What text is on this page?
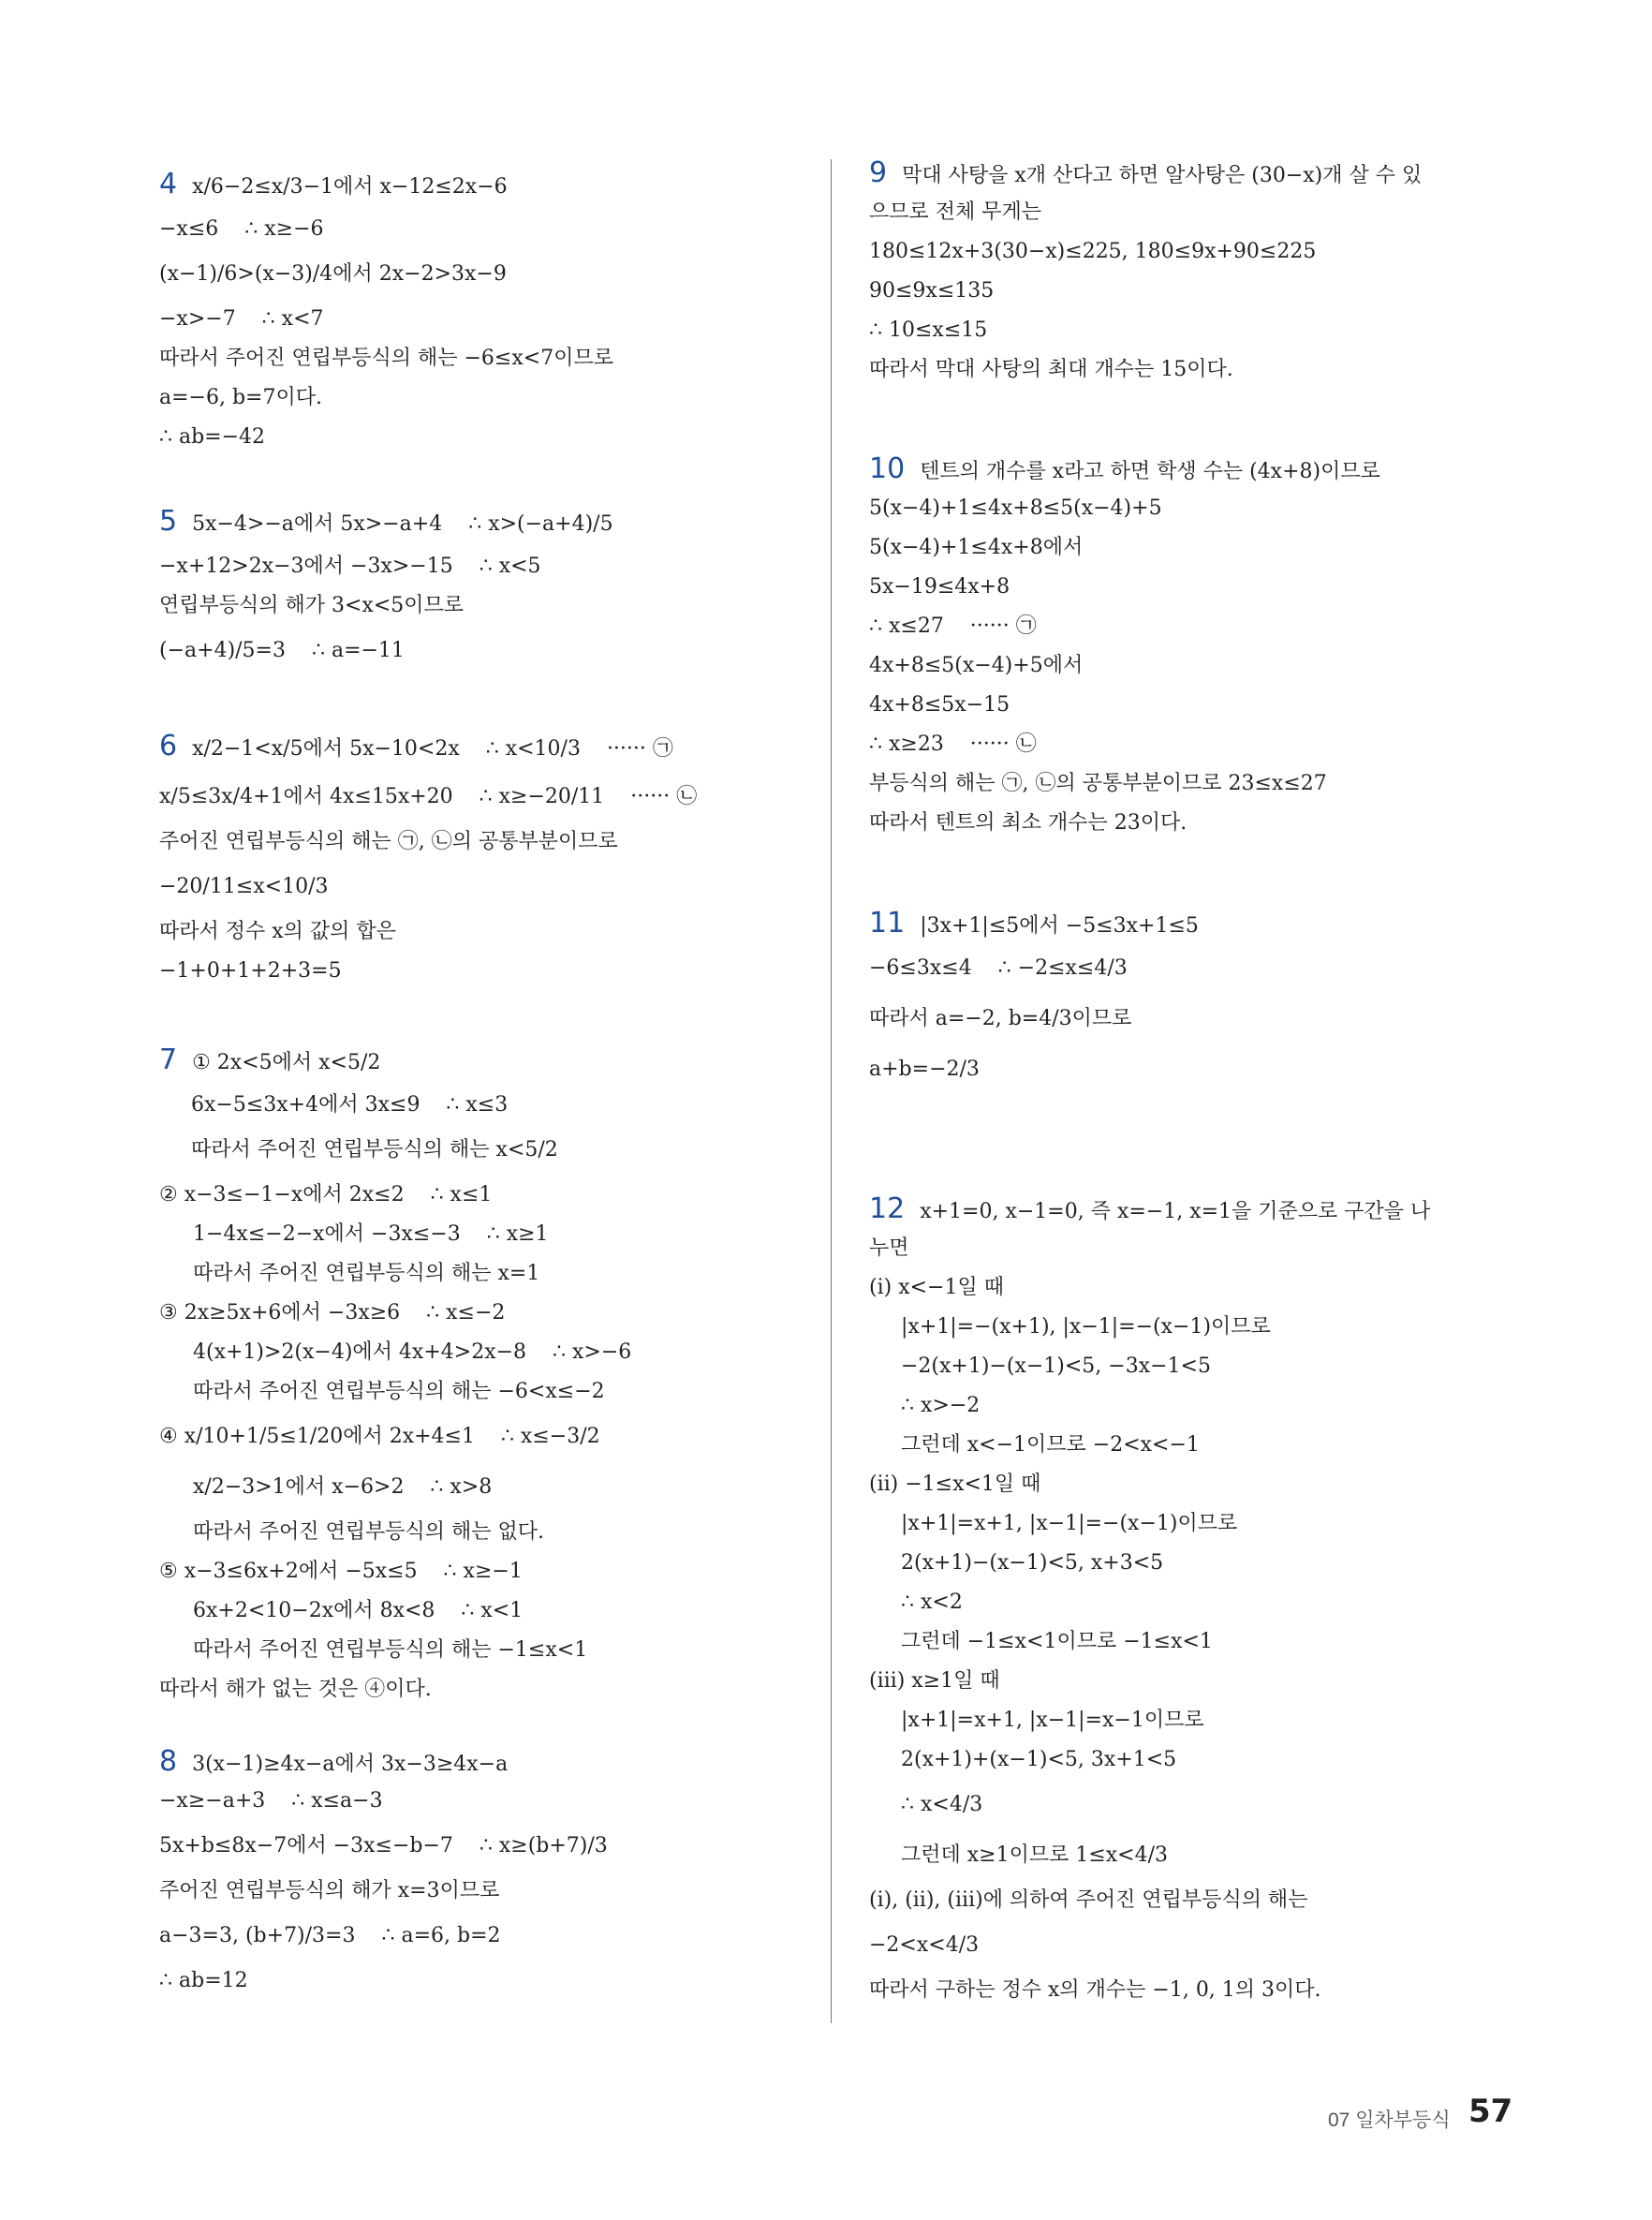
4 x/6−2≤x/3−1에서 x−12≤2x−6
−x≤6    ∴ x≥−6
(x−1)/6>(x−3)/4에서 2x−2>3x−9
−x>−7    ∴ x<7
따라서 주어진 연립부등식의 해는 −6≤x<7이므로
a=−6, b=7이다.
∴ ab=−42
5 5x−4>−a에서 5x>−a+4    ∴ x>(−a+4)/5
−x+12>2x−3에서 −3x>−15    ∴ x<5
연립부등식의 해가 3<x<5이므로
(−a+4)/5=3    ∴ a=−11
6 x/2−1<x/5에서 5x−10<2x    ∴ x<10/3    ······ ㉠
x/5≤3x/4+1에서 4x≤15x+20    ∴ x≥−20/11    ······ ㉡
주어진 연립부등식의 해는 ㉠, ㉡의 공통부분이므로
−20/11≤x<10/3
따라서 정수 x의 값의 합은
−1+0+1+2+3=5
7 ① 2x<5에서 x<5/2
6x−5≤3x+4에서 3x≤9    ∴ x≤3
따라서 주어진 연립부등식의 해는 x<5/2
② x−3≤−1−x에서 2x≤2    ∴ x≤1
1−4x≤−2−x에서 −3x≤−3    ∴ x≥1
따라서 주어진 연립부등식의 해는 x=1
③ 2x≥5x+6에서 −3x≥6    ∴ x≤−2
4(x+1)>2(x−4)에서 4x+4>2x−8    ∴ x>−6
따라서 주어진 연립부등식의 해는 −6<x≤−2
④ x/10+1/5≤1/20에서 2x+4≤1    ∴ x≤−3/2
x/2−3>1에서 x−6>2    ∴ x>8
따라서 주어진 연립부등식의 해는 없다.
⑤ x−3≤6x+2에서 −5x≤5    ∴ x≥−1
6x+2<10−2x에서 8x<8    ∴ x<1
따라서 주어진 연립부등식의 해는 −1≤x<1
따라서 해가 없는 것은 ④이다.
8 3(x−1)≥4x−a에서 3x−3≥4x−a
−x≥−a+3    ∴ x≤a−3
5x+b≤8x−7에서 −3x≤−b−7    ∴ x≥(b+7)/3
주어진 연립부등식의 해가 x=3이므로
a−3=3, (b+7)/3=3    ∴ a=6, b=2
∴ ab=12
9 막대 사탕을 x개 산다고 하면 알사탕은 (30−x)개 살 수 있
으므로 전체 무게는
180≤12x+3(30−x)≤225, 180≤9x+90≤225
90≤9x≤135
∴ 10≤x≤15
따라서 막대 사탕의 최대 개수는 15이다.
10 텐트의 개수를 x라고 하면 학생 수는 (4x+8)이므로
5(x−4)+1≤4x+8≤5(x−4)+5
5(x−4)+1≤4x+8에서
5x−19≤4x+8
∴ x≤27    ······ ㉠
4x+8≤5(x−4)+5에서
4x+8≤5x−15
∴ x≥23    ······ ㉡
부등식의 해는 ㉠, ㉡의 공통부분이므로 23≤x≤27
따라서 텐트의 최소 개수는 23이다.
11 |3x+1|≤5에서 −5≤3x+1≤5
−6≤3x≤4    ∴ −2≤x≤4/3
따라서 a=−2, b=4/3이므로
a+b=−2/3
12 x+1=0, x−1=0, 즉 x=−1, x=1을 기준으로 구간을 나
누면
(ⅰ) x<−1일 때
|x+1|=−(x+1), |x−1|=−(x−1)이므로
−2(x+1)−(x−1)<5, −3x−1<5
∴ x>−2
그런데 x<−1이므로 −2<x<−1
(ⅱ) −1≤x<1일 때
|x+1|=x+1, |x−1|=−(x−1)이므로
2(x+1)−(x−1)<5, x+3<5
∴ x<2
그런데 −1≤x<1이므로 −1≤x<1
(ⅲ) x≥1일 때
|x+1|=x+1, |x−1|=x−1이므로
2(x+1)+(x−1)<5, 3x+1<5
∴ x<4/3
그런데 x≥1이므로 1≤x<4/3
(ⅰ), (ⅱ), (ⅲ)에 의하여 주어진 연립부등식의 해는
−2<x<4/3
따라서 구하는 정수 x의 개수는 −1, 0, 1의 3이다.
07 일차부등식 57
